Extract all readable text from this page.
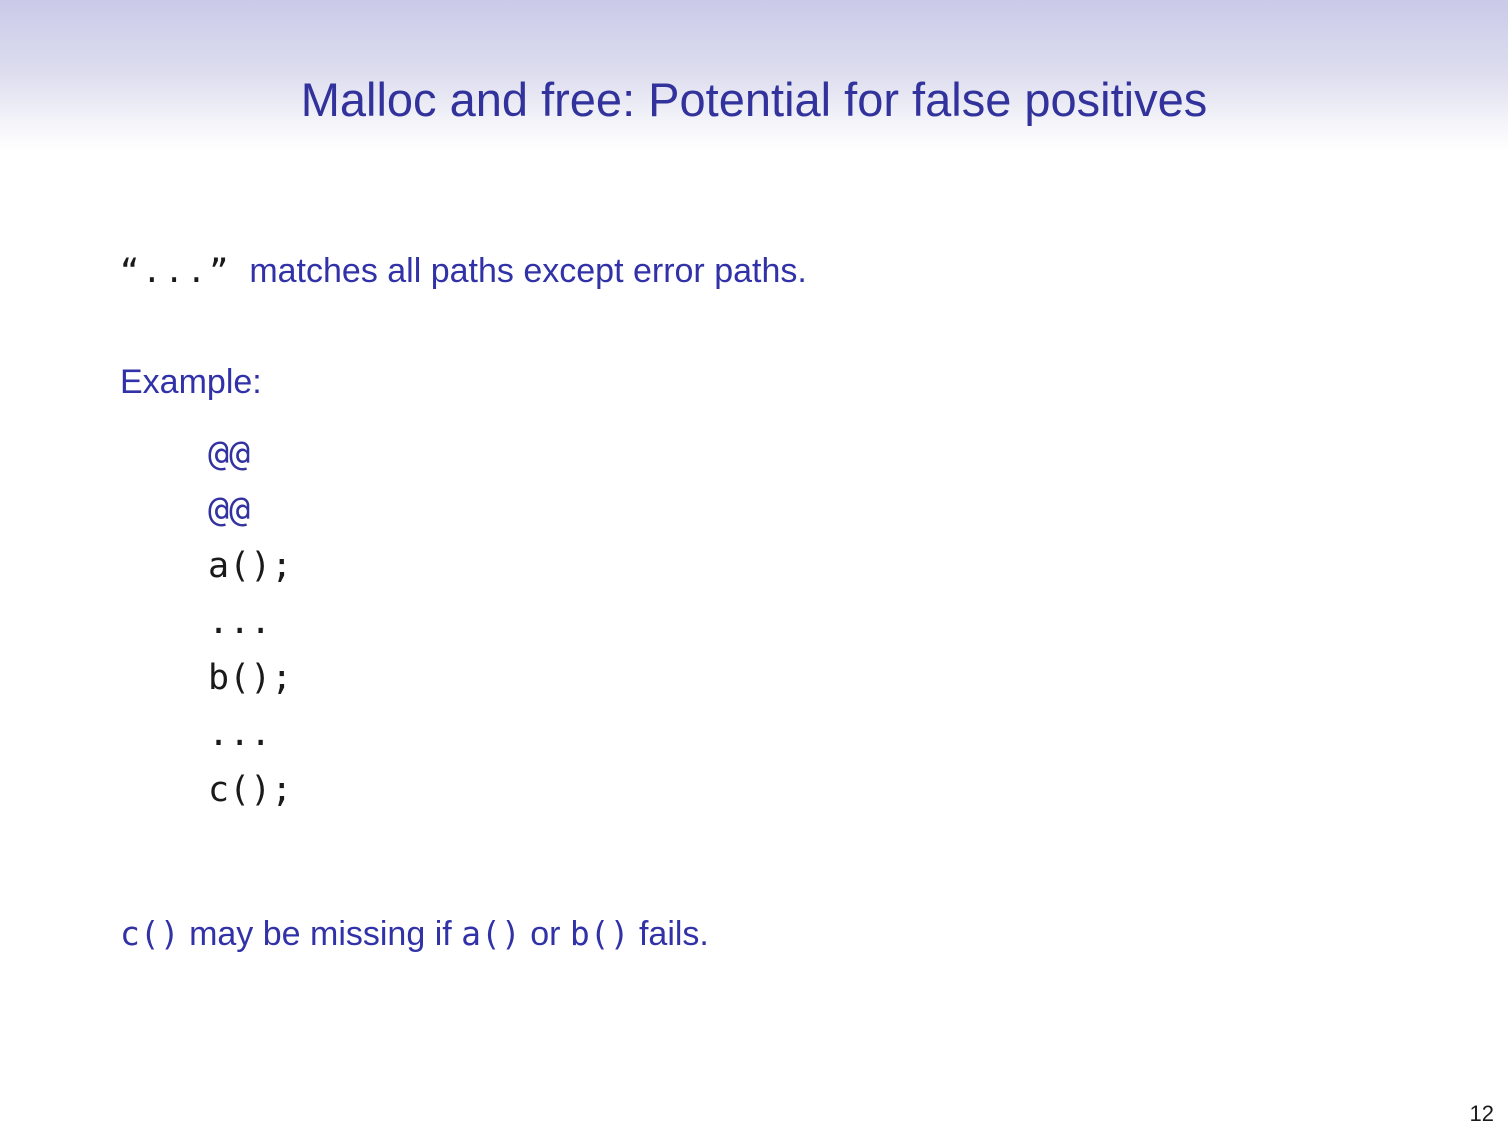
Malloc and free: Potential for false positives

“...” matches all paths except error paths.

Example:

@@
@@
a();
...
b();
...
c();

c() may be missing if a() or b() fails.

12
